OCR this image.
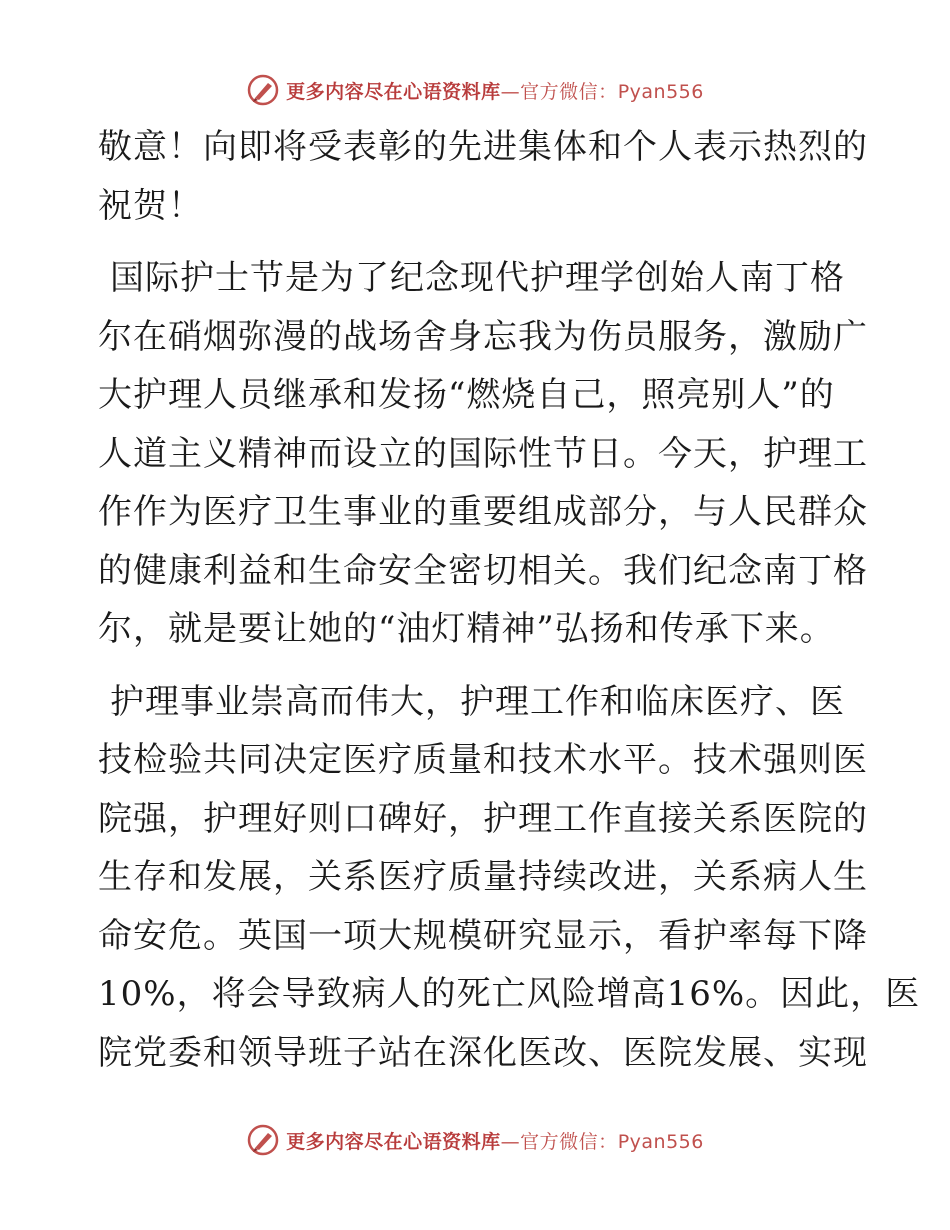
更多内容尽在心语资料库—官方微信：Pyan556
敬意！向即将受表彰的先进集体和个人表示热烈的
祝贺！
国际护士节是为了纪念现代护理学创始人南丁格
尔在硝烟弥漫的战场舍身忘我为伤员服务，激励广
大护理人员继承和发扬“燃烧自己，照亮别人”的
人道主义精神而设立的国际性节日。今天，护理工
作作为医疗卫生事业的重要组成部分，与人民群众
的健康利益和生命安全密切相关。我们纪念南丁格
尔，就是要让她的“油灯精神”弘扬和传承下来。
护理事业崇高而伟大，护理工作和临床医疗、医
技检验共同决定医疗质量和技术水平。技术强则医
院强，护理好则口碑好，护理工作直接关系医院的
生存和发展，关系医疗质量持续改进，关系病人生
命安危。英国一项大规模研究显示，看护率每下降
10%，将会导致病人的死亡风险增高16%。因此，医
院党委和领导班子站在深化医改、医院发展、实现
更多内容尽在心语资料库—官方微信：Pyan556
